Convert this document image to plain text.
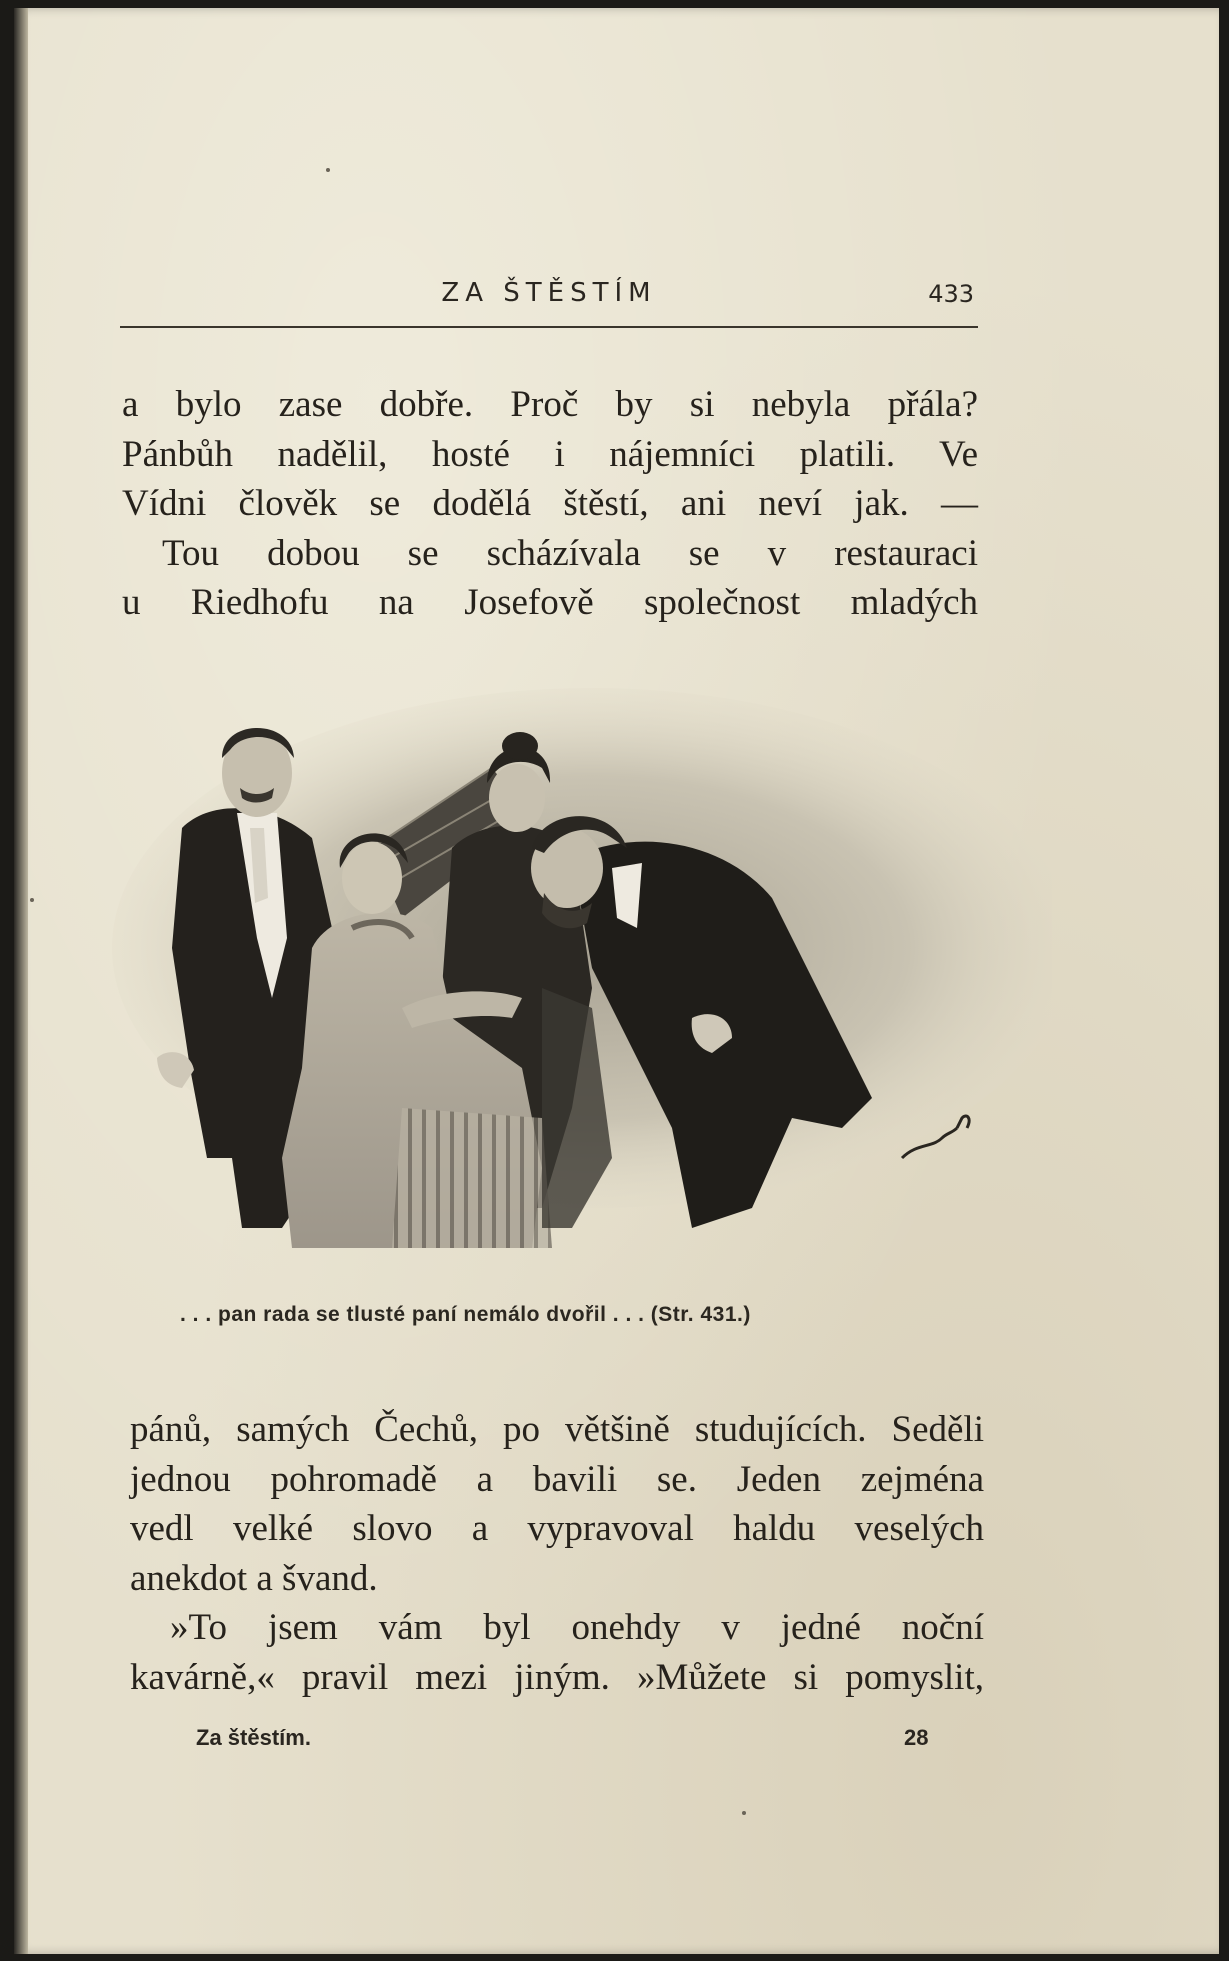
ZA ŠTĚSTÍM	433
a bylo zase dobře. Proč by si nebyla přála?
Pánbůh nadělil, hosté i nájemníci platili. Ve
Vídni člověk se dodělá štěstí, ani neví jak. —
Tou dobou se scházívala se v restauraci
u Riedhofu na Josefově společnost mladých
. . . pan rada se tlusté paní nemálo dvořil . . . (Str. 431.)
pánů, samých Čechů, po většině studujících. Seděli
jednou pohromadě a bavili se. Jeden zejména
vedl velké slovo a vypravoval haldu veselých
anekdot a švand.
»To jsem vám byl onehdy v jedné noční
kavárně,« pravil mezi jiným. »Můžete si pomyslit,
Za štěstím.	28
